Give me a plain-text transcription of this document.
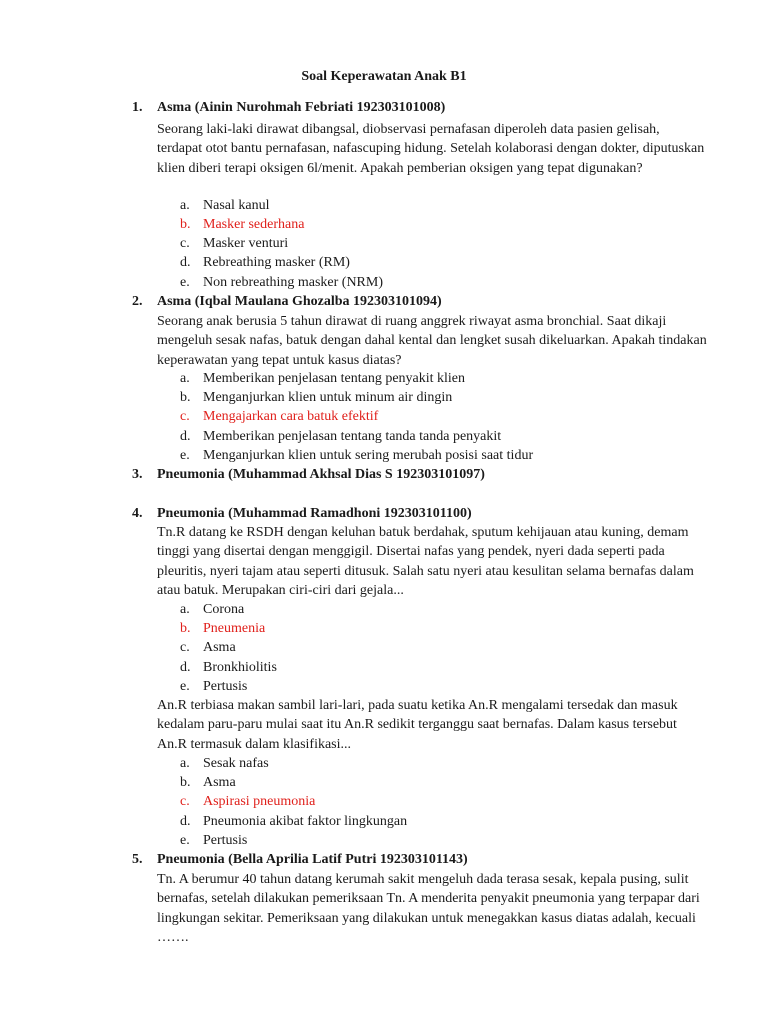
Soal Keperawatan Anak B1
1. Asma (Ainin Nurohmah Febriati 192303101008)
Seorang laki-laki dirawat dibangsal, diobservasi pernafasan diperoleh data pasien gelisah, terdapat otot bantu pernafasan, nafascuping hidung. Setelah kolaborasi dengan dokter, diputuskan klien diberi terapi oksigen 6l/menit. Apakah pemberian oksigen yang tepat digunakan?
a. Nasal kanul
b. Masker sederhana
c. Masker venturi
d. Rebreathing masker (RM)
e. Non rebreathing masker (NRM)
2. Asma (Iqbal Maulana Ghozalba 192303101094)
Seorang anak berusia 5 tahun dirawat di ruang anggrek riwayat asma bronchial. Saat dikaji mengeluh sesak nafas, batuk dengan dahal kental dan lengket susah dikeluarkan. Apakah tindakan keperawatan yang tepat untuk kasus diatas?
a. Memberikan penjelasan tentang penyakit klien
b. Menganjurkan klien untuk minum air dingin
c. Mengajarkan cara batuk efektif
d. Memberikan penjelasan tentang tanda tanda penyakit
e. Menganjurkan klien untuk sering merubah posisi saat tidur
3. Pneumonia (Muhammad Akhsal Dias S 192303101097)
4. Pneumonia (Muhammad Ramadhoni 192303101100)
Tn.R datang ke RSDH dengan keluhan batuk berdahak, sputum kehijauan atau kuning, demam tinggi yang disertai dengan menggigil. Disertai nafas yang pendek, nyeri dada seperti pada pleuritis, nyeri tajam atau seperti ditusuk. Salah satu nyeri atau kesulitan selama bernafas dalam atau batuk. Merupakan ciri-ciri dari gejala...
a. Corona
b. Pneumenia
c. Asma
d. Bronkhiolitis
e. Pertusis
An.R terbiasa makan sambil lari-lari, pada suatu ketika An.R mengalami tersedak dan masuk kedalam paru-paru mulai saat itu An.R sedikit terganggu saat bernafas. Dalam kasus tersebut An.R termasuk dalam klasifikasi...
a. Sesak nafas
b. Asma
c. Aspirasi pneumonia
d. Pneumonia akibat faktor lingkungan
e. Pertusis
5. Pneumonia (Bella Aprilia Latif Putri 192303101143)
Tn. A berumur 40 tahun datang kerumah sakit mengeluh dada terasa sesak, kepala pusing, sulit bernafas, setelah dilakukan pemeriksaan Tn. A menderita penyakit pneumonia yang terpapar dari lingkungan sekitar. Pemeriksaan yang dilakukan untuk menegakkan kasus diatas adalah, kecuali …….
